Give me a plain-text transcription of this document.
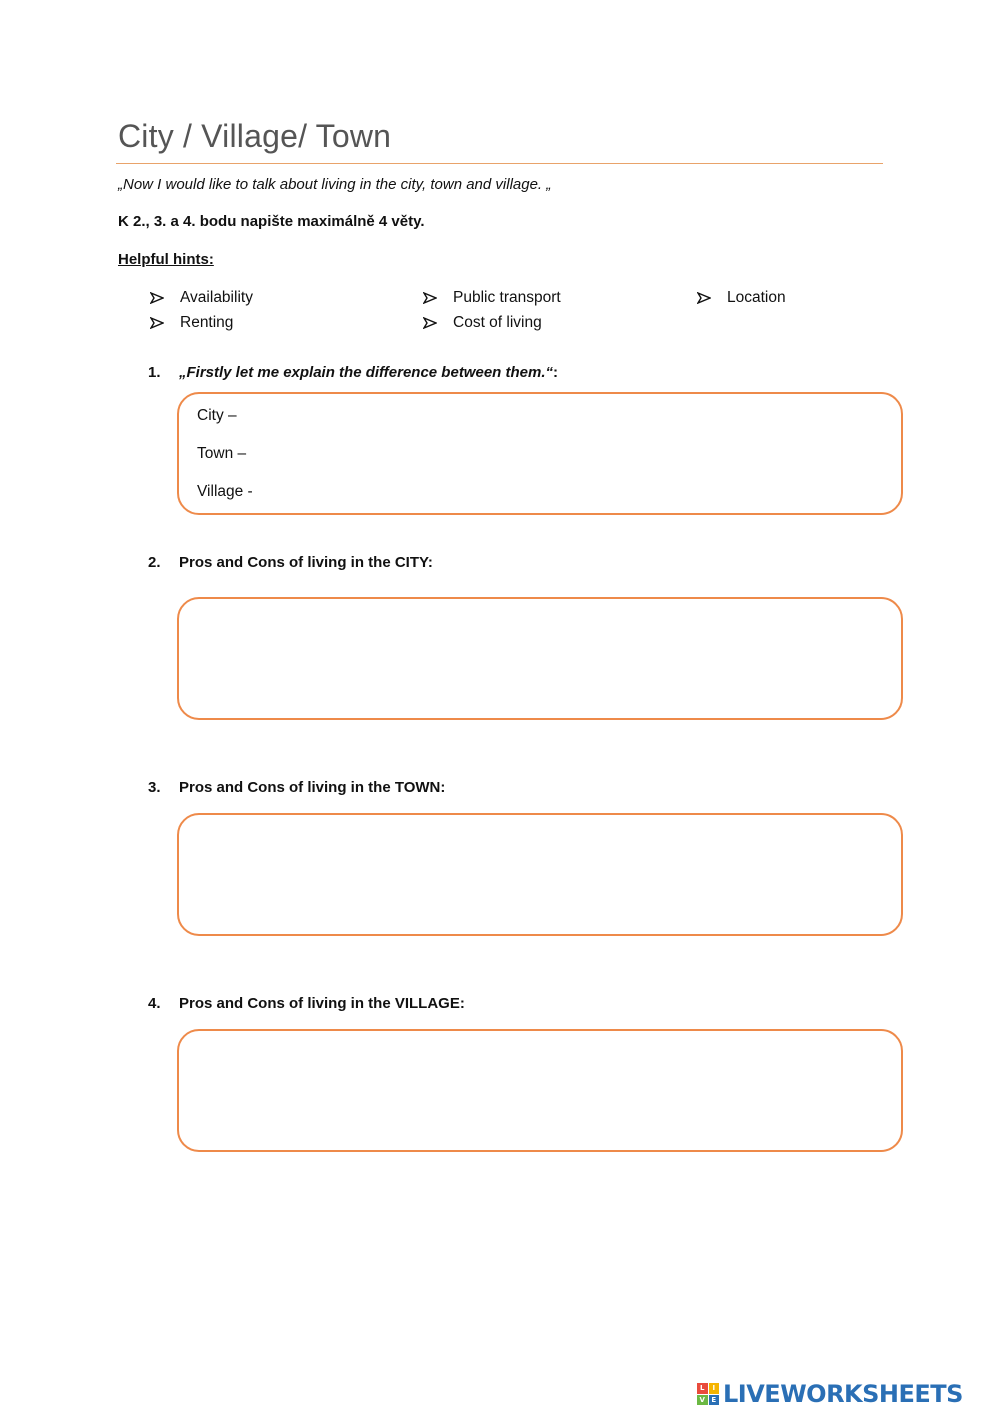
City / Village/ Town

„Now I would like to talk about living in the city, town and village. „

K 2., 3. a 4. bodu napište maximálně 4 věty.

Helpful hints:

Availability
Renting
Public transport
Cost of living
Location
1.	„Firstly let me explain the difference between them.“ :
City –
Town –
Village -
2.	Pros and Cons of living in the CITY:
3.	Pros and Cons of living in the TOWN:
4.	Pros and Cons of living in the VILLAGE:
L	I
V E LIVEWORKSHEETS
